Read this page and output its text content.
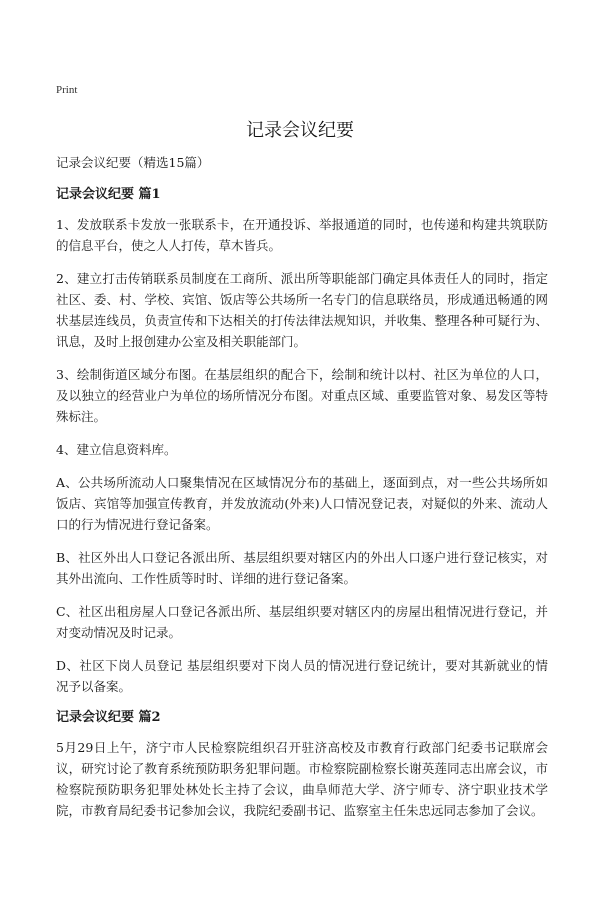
Print
记录会议纪要

记录会议纪要（精选15篇）

记录会议纪要 篇1

1、发放联系卡发放一张联系卡，在开通投诉、举报通道的同时，也传递和构建共筑联防的信息平台，使之人人打传，草木皆兵。

2、建立打击传销联系员制度在工商所、派出所等职能部门确定具体责任人的同时，指定社区、委、村、学校、宾馆、饭店等公共场所一名专门的信息联络员，形成通迅畅通的网状基层连线员，负责宣传和下达相关的打传法律法规知识，并收集、整理各种可疑行为、讯息，及时上报创建办公室及相关职能部门。

3、绘制街道区域分布图。在基层组织的配合下，绘制和统计以村、社区为单位的人口，及以独立的经营业户为单位的场所情况分布图。对重点区域、重要监管对象、易发区等特殊标注。

4、建立信息资料库。

A、公共场所流动人口聚集情况在区域情况分布的基础上，逐面到点，对一些公共场所如饭店、宾馆等加强宣传教育，并发放流动(外来)人口情况登记表，对疑似的外来、流动人口的行为情况进行登记备案。

B、社区外出人口登记各派出所、基层组织要对辖区内的外出人口逐户进行登记核实，对其外出流向、工作性质等时时、详细的进行登记备案。

C、社区出租房屋人口登记各派出所、基层组织要对辖区内的房屋出租情况进行登记，并对变动情况及时记录。

D、社区下岗人员登记 基层组织要对下岗人员的情况进行登记统计，要对其新就业的情 况予以备案。

记录会议纪要 篇2

5月29日上午，济宁市人民检察院组织召开驻济高校及市教育行政部门纪委书记联席会议，研究讨论了教育系统预防职务犯罪问题。市检察院副检察长谢英莲同志出席会议，市检察院预防职务犯罪处林处长主持了会议，曲阜师范大学、济宁师专、济宁职业技术学院，市教育局纪委书记参加会议，我院纪委副书记、监察室主任朱忠远同志参加了会议。
